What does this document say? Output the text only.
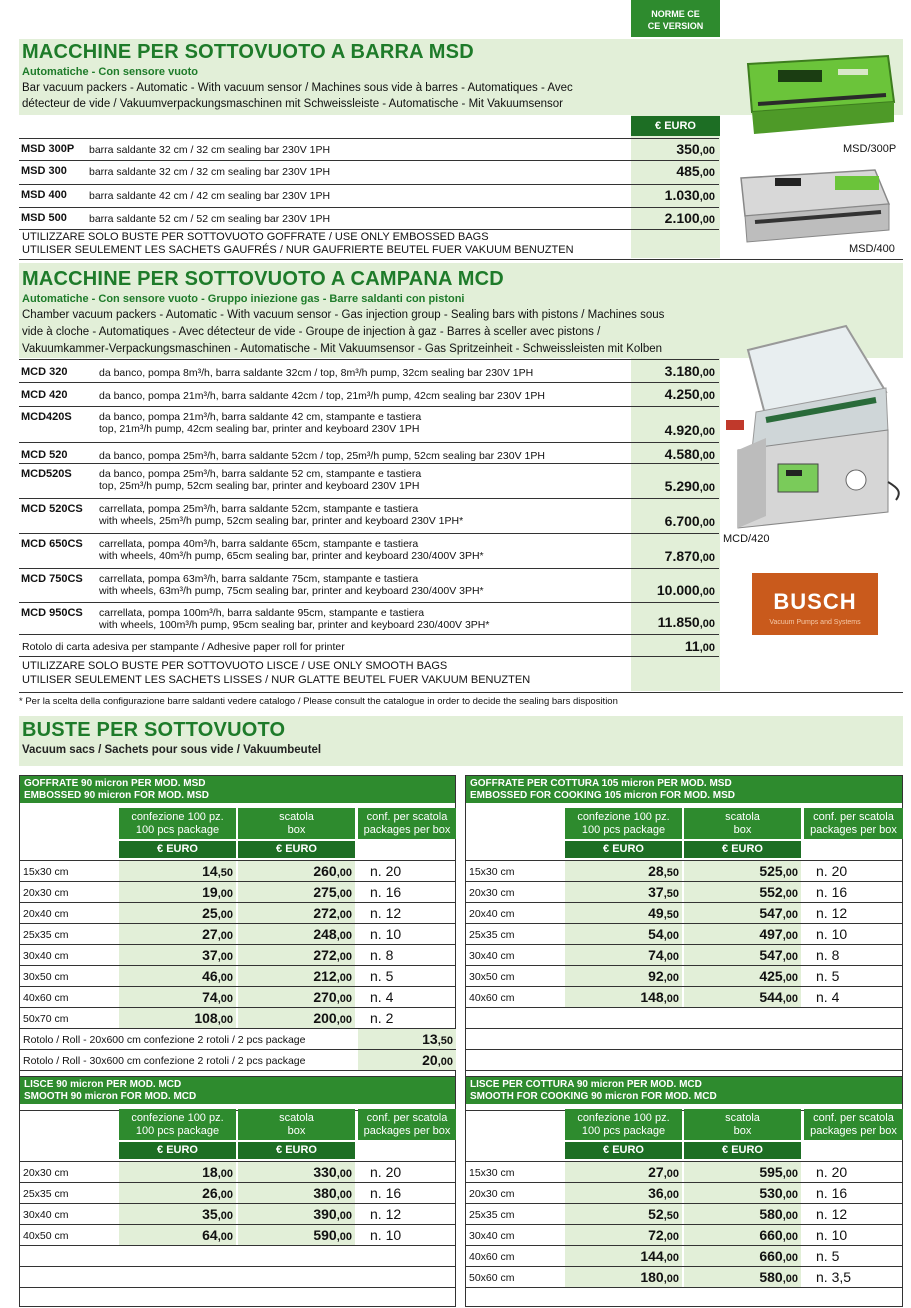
NORME CE
CE VERSION
MACCHINE PER SOTTOVUOTO A BARRA MSD
Automatiche - Con sensore vuoto
Bar vacuum packers - Automatic - With vacuum sensor / Machines sous vide à barres - Automatiques - Avec
détecteur de vide / Vakuumverpackungsmaschinen mit Schweissleiste - Automatische - Mit Vakuumsensor
€ EURO
MSD 300P barra saldante 32 cm / 32 cm sealing bar 230V 1PH	350,00
MSD 300 barra saldante 32 cm / 32 cm sealing bar 230V 1PH	485,00
MSD 400 barra saldante 42 cm / 42 cm sealing bar 230V 1PH	1.030,00
MSD 500 barra saldante 52 cm / 52 cm sealing bar 230V 1PH	2.100,00
UTILIZZARE SOLO BUSTE PER SOTTOVUOTO GOFFRATE / USE ONLY EMBOSSED BAGS
UTILISER SEULEMENT LES SACHETS GAUFRÉS / NUR GAUFRIERTE BEUTEL FUER VAKUUM BENUZTEN
MSD/300P
MSD/400
MACCHINE PER SOTTOVUOTO A CAMPANA MCD
Automatiche - Con sensore vuoto - Gruppo iniezione gas - Barre saldanti con pistoni
Chamber vacuum packers - Automatic - With vacuum sensor - Gas injection group - Sealing bars with pistons / Machines sous
vide à cloche - Automatiques - Avec détecteur de vide - Groupe de injection à gaz - Barres à sceller avec pistons /
Vakuumkammer-Verpackungsmaschinen - Automatische - Mit Vakuumsensor - Gas Spritzeinheit - Schweissleisten mit Kolben
MCD 320	da banco, pompa 8m³/h, barra saldante 32cm / top, 8m³/h pump, 32cm sealing bar 230V 1PH	3.180,00
MCD 420	da banco, pompa 21m³/h, barra saldante 42cm / top, 21m³/h pump, 42cm sealing bar 230V 1PH	4.250,00
MCD420S	da banco, pompa 21m³/h, barra saldante 42 cm, stampante e tastiera
top, 21m³/h pump, 42cm sealing bar, printer and keyboard 230V 1PH	4.920,00
MCD 520	da banco, pompa 25m³/h, barra saldante 52cm / top, 25m³/h pump, 52cm sealing bar 230V 1PH	4.580,00
MCD520S	da banco, pompa 25m³/h, barra saldante 52 cm, stampante e tastiera
top, 25m³/h pump, 52cm sealing bar, printer and keyboard 230V 1PH	5.290,00
MCD 520CS carrellata, pompa 25m³/h, barra saldante 52cm, stampante e tastiera
with wheels, 25m³/h pump, 52cm sealing bar, printer and keyboard 230V 1PH*	6.700,00
MCD 650CS carrellata, pompa 40m³/h, barra saldante 65cm, stampante e tastiera
with wheels, 40m³/h pump, 65cm sealing bar, printer and keyboard 230/400V 3PH*	7.870,00
MCD 750CS carrellata, pompa 63m³/h, barra saldante 75cm, stampante e tastiera
with wheels, 63m³/h pump, 75cm sealing bar, printer and keyboard 230/400V 3PH*	10.000,00
MCD 950CS carrellata, pompa 100m³/h, barra saldante 95cm, stampante e tastiera
with wheels, 100m³/h pump, 95cm sealing bar, printer and keyboard 230/400V 3PH*	11.850,00
Rotolo di carta adesiva per stampante / Adhesive paper roll for printer	11,00
UTILIZZARE SOLO BUSTE PER SOTTOVUOTO LISCE / USE ONLY SMOOTH BAGS
UTILISER SEULEMENT LES SACHETS LISSES / NUR GLATTE BEUTEL FUER VAKUUM BENUZTEN
* Per la scelta della configurazione barre saldanti vedere catalogo / Please consult the catalogue in order to decide the sealing bars disposition
MCD/420
BUSCH
Vacuum Pumps and Systems
BUSTE PER SOTTOVUOTO
Vacuum sacs / Sachets pour sous vide / Vakuumbeutel
GOFFRATE 90 micron PER MOD. MSD
EMBOSSED 90 micron FOR MOD. MSD
confezione 100 pz.
100 pcs package
scatola
box
conf. per scatola
packages per box
€ EURO	€ EURO
15x30 cm	14,50	260,00 n. 20
20x30 cm	19,00	275,00 n. 16
20x40 cm	25,00	272,00 n. 12
25x35 cm	27,00	248,00 n. 10
30x40 cm	37,00	272,00 n. 8
30x50 cm	46,00	212,00 n. 5
40x60 cm	74,00	270,00 n. 4
50x70 cm	108,00	200,00 n. 2
Rotolo / Roll - 20x600 cm confezione 2 rotoli / 2 pcs package	13,50
Rotolo / Roll - 30x600 cm confezione 2 rotoli / 2 pcs package	20,00
GOFFRATE PER COTTURA 105 micron PER MOD. MSD
EMBOSSED FOR COOKING 105 micron FOR MOD. MSD
confezione 100 pz.
100 pcs package
scatola
box
conf. per scatola
packages per box
€ EURO	€ EURO
15x30 cm	28,50	525,00 n. 20
20x30 cm	37,50	552,00 n. 16
20x40 cm	49,50	547,00 n. 12
25x35 cm	54,00	497,00 n. 10
30x40 cm	74,00	547,00 n. 8
30x50 cm	92,00	425,00 n. 5
40x60 cm	148,00	544,00 n. 4
LISCE 90 micron PER MOD. MCD
SMOOTH 90 micron FOR MOD. MCD
confezione 100 pz.
100 pcs package
scatola
box
conf. per scatola
packages per box
€ EURO	€ EURO
20x30 cm	18,00	330,00 n. 20
25x35 cm	26,00	380,00 n. 16
30x40 cm	35,00	390,00 n. 12
40x50 cm	64,00	590,00 n. 10
LISCE PER COTTURA 90 micron PER MOD. MCD
SMOOTH FOR COOKING 90 micron FOR MOD. MCD
confezione 100 pz.
100 pcs package
scatola
box
conf. per scatola
packages per box
€ EURO	€ EURO
15x30 cm	27,00	595,00 n. 20
20x30 cm	36,00	530,00 n. 16
25x35 cm	52,50	580,00 n. 12
30x40 cm	72,00	660,00 n. 10
40x60 cm	144,00	660,00 n. 5
50x60 cm	180,00	580,00 n. 3,5
